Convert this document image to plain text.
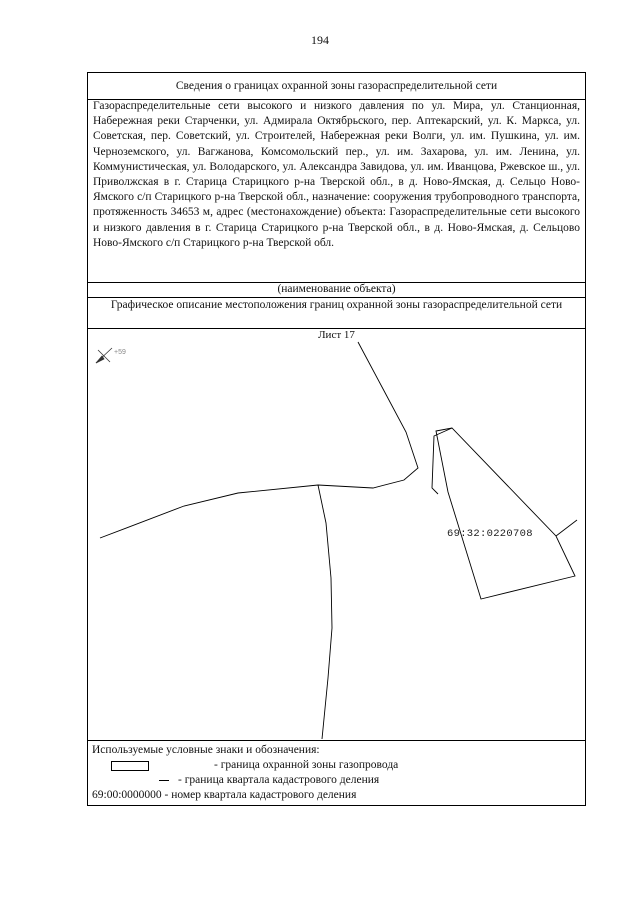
194
Сведения о границах охранной зоны газораспределительной сети
Газораспределительные сети высокого и низкого давления по ул. Мира, ул. Станционная, Набережная реки Старченки, ул. Адмирала Октябрьского, пер. Аптекарский, ул. К. Маркса, ул. Советская, пер. Советский, ул. Строителей, Набережная реки Волги, ул. им. Пушкина, ул. им. Черноземского, ул. Вагжанова, Комсомольский пер., ул. им. Захарова, ул. им. Ленина, ул. Коммунистическая, ул. Володарского, ул. Александра Завидова, ул. им. Иванцова, Ржевское ш., ул. Приволжская в г. Старица Старицкого р-на Тверской обл., в д. Ново-Ямская, д. Сельцо Ново-Ямского с/п Старицкого р-на Тверской обл., назначение: сооружения трубопроводного транспорта, протяженность 34653 м, адрес (местонахождение) объекта: Газораспределительные сети высокого и низкого давления в г. Старица Старицкого р-на Тверской обл., в д. Ново-Ямская, д. Сельцово Ново-Ямского с/п Старицкого р-на Тверской обл.
(наименование объекта)
Графическое описание местоположения границ охранной зоны газораспределительной сети
+59
69:32:0220708
Лист 17
Используемые условные знаки и обозначения:
- граница охранной зоны газопровода
- граница квартала кадастрового деления
69:00:0000000 - номер квартала кадастрового деления
